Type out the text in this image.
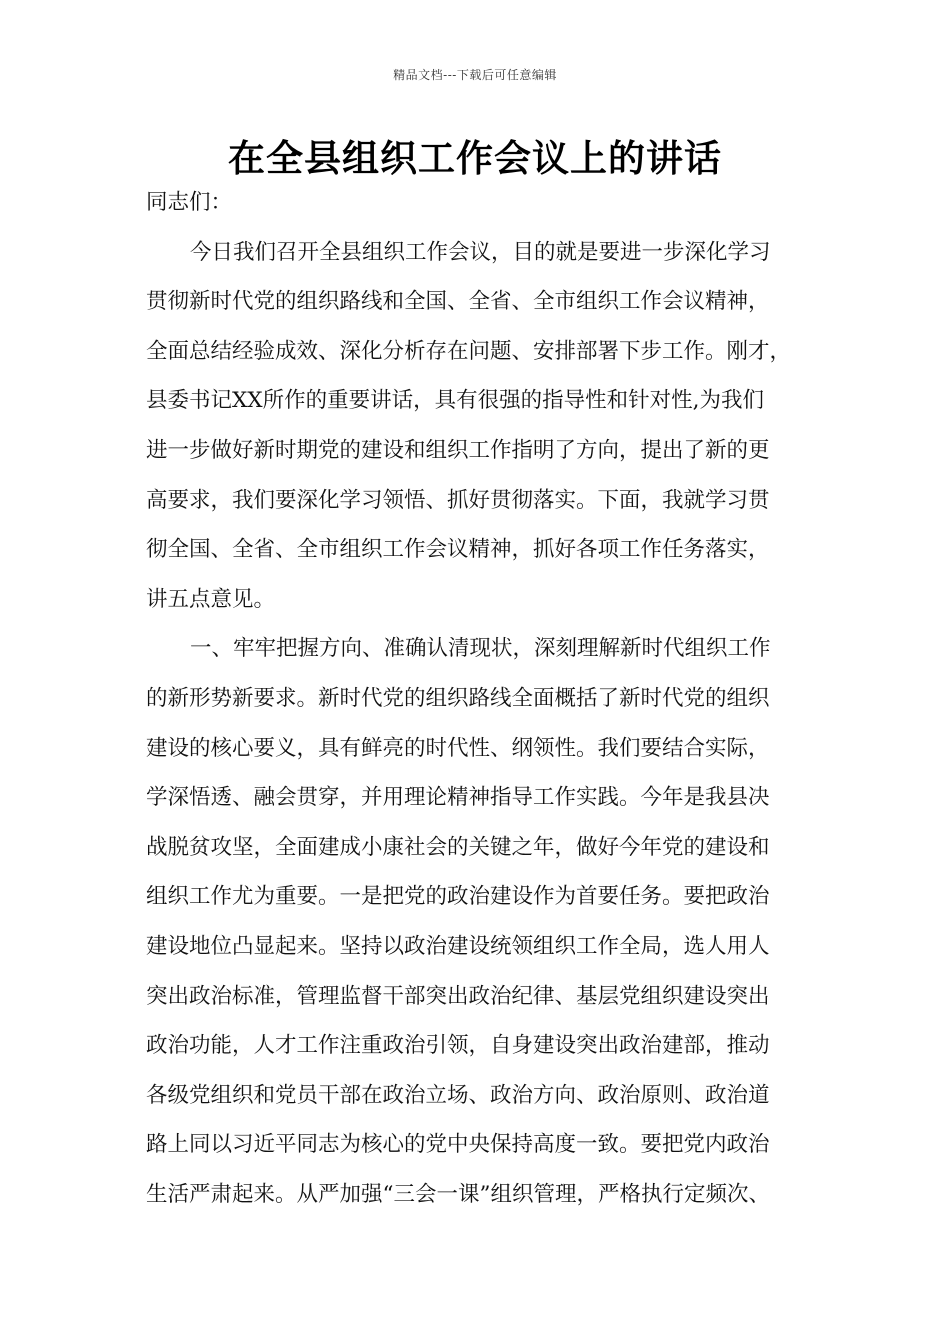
精品文档---下载后可任意编辑
在全县组织工作会议上的讲话
同志们：
今日我们召开全县组织工作会议，目的就是要进一步深化学习
贯彻新时代党的组织路线和全国、全省、全市组织工作会议精神，
全面总结经验成效、深化分析存在问题、安排部署下步工作。刚才，
县委书记XX所作的重要讲话，具有很强的指导性和针对性,为我们
进一步做好新时期党的建设和组织工作指明了方向，提出了新的更
高要求，我们要深化学习领悟、抓好贯彻落实。下面，我就学习贯
彻全国、全省、全市组织工作会议精神，抓好各项工作任务落实，
讲五点意见。
一、牢牢把握方向、准确认清现状，深刻理解新时代组织工作
的新形势新要求。新时代党的组织路线全面概括了新时代党的组织
建设的核心要义，具有鲜亮的时代性、纲领性。我们要结合实际，
学深悟透、融会贯穿，并用理论精神指导工作实践。今年是我县决
战脱贫攻坚，全面建成小康社会的关键之年，做好今年党的建设和
组织工作尤为重要。一是把党的政治建设作为首要任务。要把政治
建设地位凸显起来。坚持以政治建设统领组织工作全局，选人用人
突出政治标准，管理监督干部突出政治纪律、基层党组织建设突出
政治功能，人才工作注重政治引领，自身建设突出政治建部，推动
各级党组织和党员干部在政治立场、政治方向、政治原则、政治道
路上同以习近平同志为核心的党中央保持高度一致。要把党内政治
生活严肃起来。从严加强“三会一课”组织管理，严格执行定频次、
